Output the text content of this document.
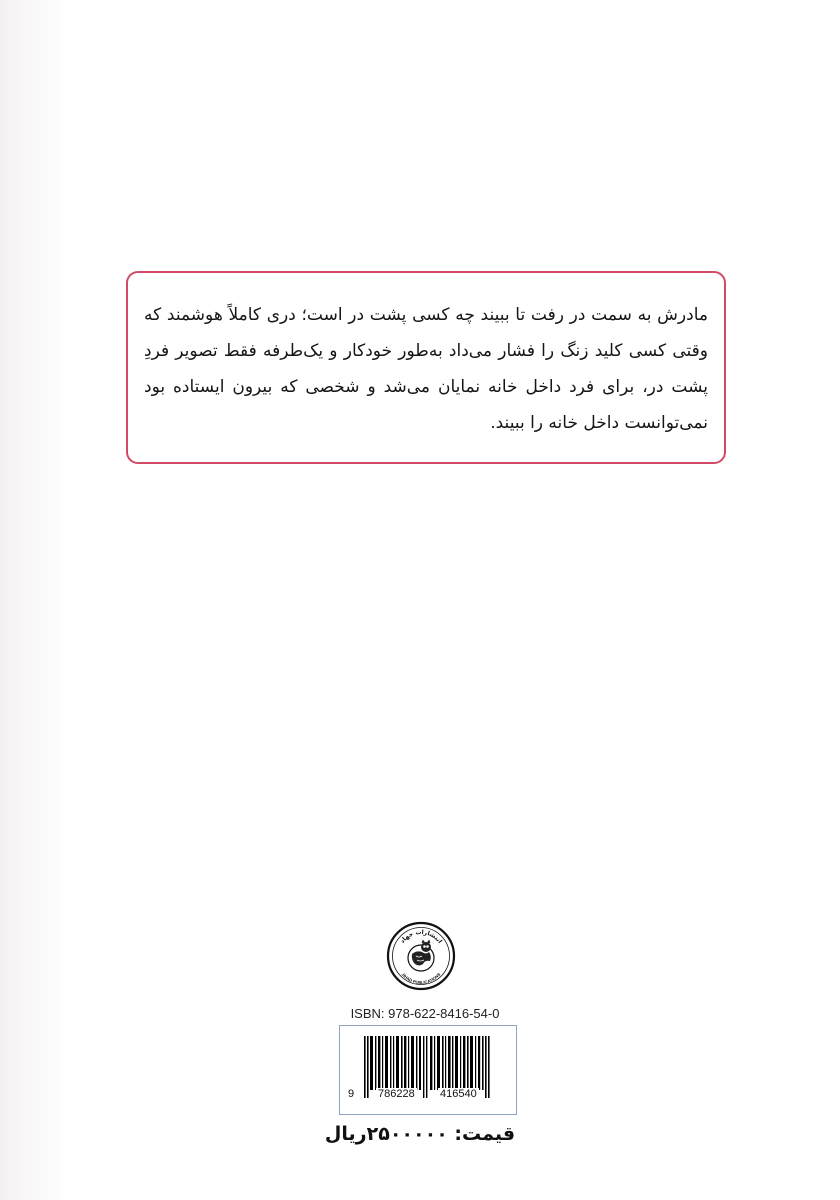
مادرش به سمت در رفت تا ببیند چه کسی پشت در است؛ دری کاملاً هوشمند که وقتی کسی کلید زنگ را فشار می‌داد به‌طور خودکار و یک‌طرفه فقط تصویر فردِ پشت در، برای فرد داخل خانه نمایان می‌شد و شخصی که بیرون ایستاده بود نمی‌توانست داخل خانه را ببیند.
انتشارات جهاد
JIHAD PUBLICATIONS
ISBN: 978-622-8416-54-0
9 786228 416540
قیمت: ۲۵۰۰۰۰۰ریال
